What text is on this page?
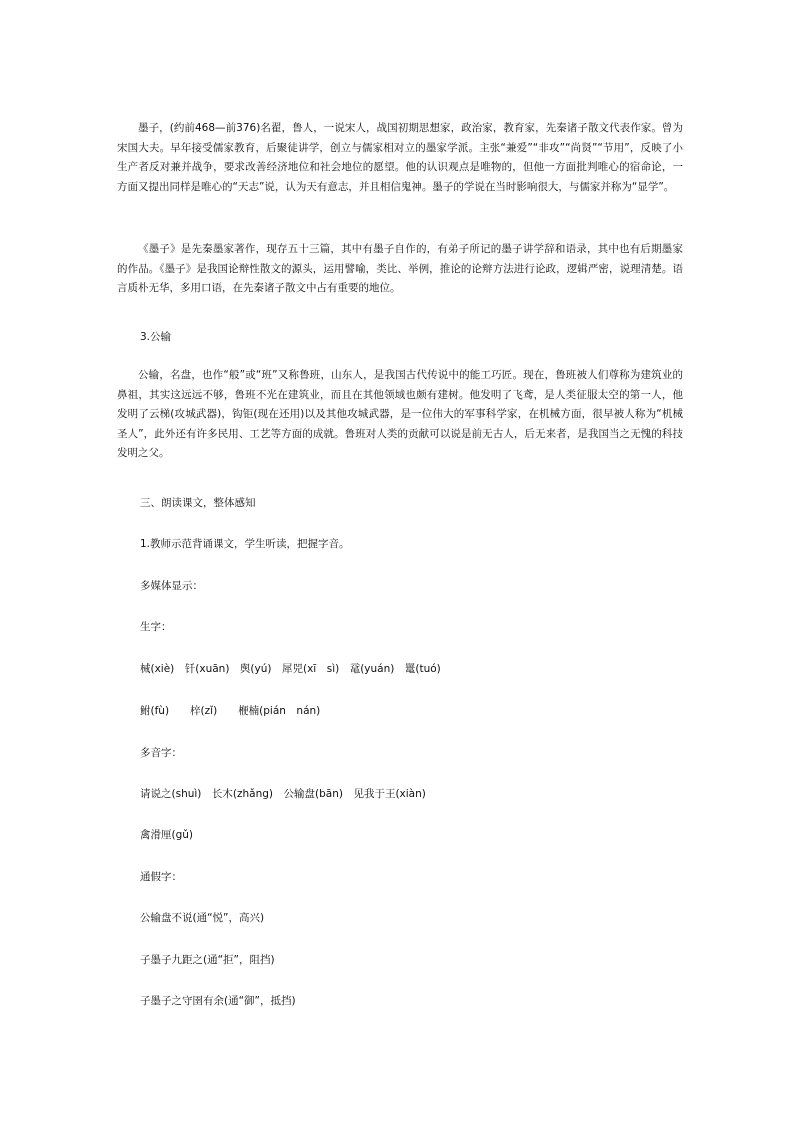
墨子，(约前468—前376)名翟，鲁人，一说宋人，战国初期思想家，政治家，教育家，先秦诸子散文代表作家。曾为宋国大夫。早年接受儒家教育，后聚徒讲学，创立与儒家相对立的墨家学派。主张“兼爱”“非攻”“尚贤”“节用”，反映了小生产者反对兼并战争，要求改善经济地位和社会地位的愿望。他的认识观点是唯物的，但他一方面批判唯心的宿命论，一方面又提出同样是唯心的“天志”说，认为天有意志，并且相信鬼神。墨子的学说在当时影响很大，与儒家并称为“显学”。

《墨子》是先秦墨家著作，现存五十三篇，其中有墨子自作的，有弟子所记的墨子讲学辞和语录，其中也有后期墨家的作品。《墨子》是我国论辩性散文的源头，运用譬喻，类比、举例，推论的论辩方法进行论政，逻辑严密，说理清楚。语言质朴无华，多用口语，在先秦诸子散文中占有重要的地位。

3.公输

公输，名盘，也作“般”或“班”又称鲁班，山东人，是我国古代传说中的能工巧匠。现在，鲁班被人们尊称为建筑业的鼻祖，其实这远远不够，鲁班不光在建筑业，而且在其他领域也颇有建树。他发明了飞鸢，是人类征服太空的第一人，他发明了云梯(攻城武器)，钩钜(现在还用)以及其他攻城武器，是一位伟大的军事科学家，在机械方面，很早被人称为“机械圣人”，此外还有许多民用、工艺等方面的成就。鲁班对人类的贡献可以说是前无古人，后无来者，是我国当之无愧的科技发明之父。

三、朗读课文，整体感知

1.教师示范背诵课文，学生听读，把握字音。

多媒体显示：

生字：

械(xiè)　钎(xuān)　舆(yú)　犀兕(xī　sì)　鼋(yuán)　鼍(tuó)

鲋(fù)　　梓(zǐ)　　楩楠(pián　nán)

多音字：

请说之(shuì)　长木(zhǎng)　公输盘(bān)　见我于王(xiàn)

禽滑厘(gǔ)

通假字：

公输盘不说(通“悦”，高兴)

子墨子九距之(通“拒”，阻挡)

子墨子之守圉有余(通“御”，抵挡)
